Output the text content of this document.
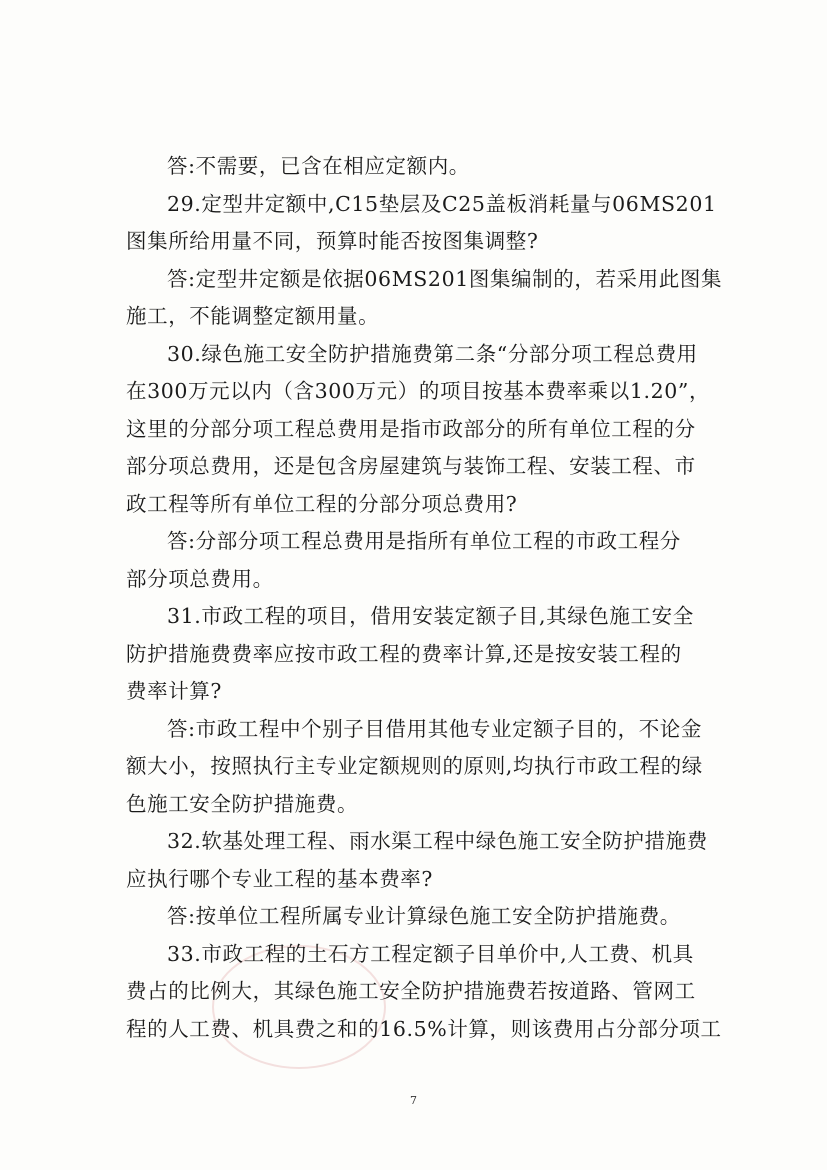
答:不需要，已含在相应定额内。
29.定型井定额中,C15垫层及C25盖板消耗量与06MS201
图集所给用量不同，预算时能否按图集调整?
答:定型井定额是依据06MS201图集编制的，若采用此图集
施工，不能调整定额用量。
30.绿色施工安全防护措施费第二条“分部分项工程总费用
在300万元以内（含300万元）的项目按基本费率乘以1.20”，
这里的分部分项工程总费用是指市政部分的所有单位工程的分
部分项总费用，还是包含房屋建筑与装饰工程、安装工程、市
政工程等所有单位工程的分部分项总费用?
答:分部分项工程总费用是指所有单位工程的市政工程分
部分项总费用。
31.市政工程的项目，借用安装定额子目,其绿色施工安全
防护措施费费率应按市政工程的费率计算,还是按安装工程的
费率计算?
答:市政工程中个别子目借用其他专业定额子目的，不论金
额大小，按照执行主专业定额规则的原则,均执行市政工程的绿
色施工安全防护措施费。
32.软基处理工程、雨水渠工程中绿色施工安全防护措施费
应执行哪个专业工程的基本费率?
答:按单位工程所属专业计算绿色施工安全防护措施费。
33.市政工程的土石方工程定额子目单价中,人工费、机具
费占的比例大，其绿色施工安全防护措施费若按道路、管网工
程的人工费、机具费之和的16.5%计算，则该费用占分部分项工
7
